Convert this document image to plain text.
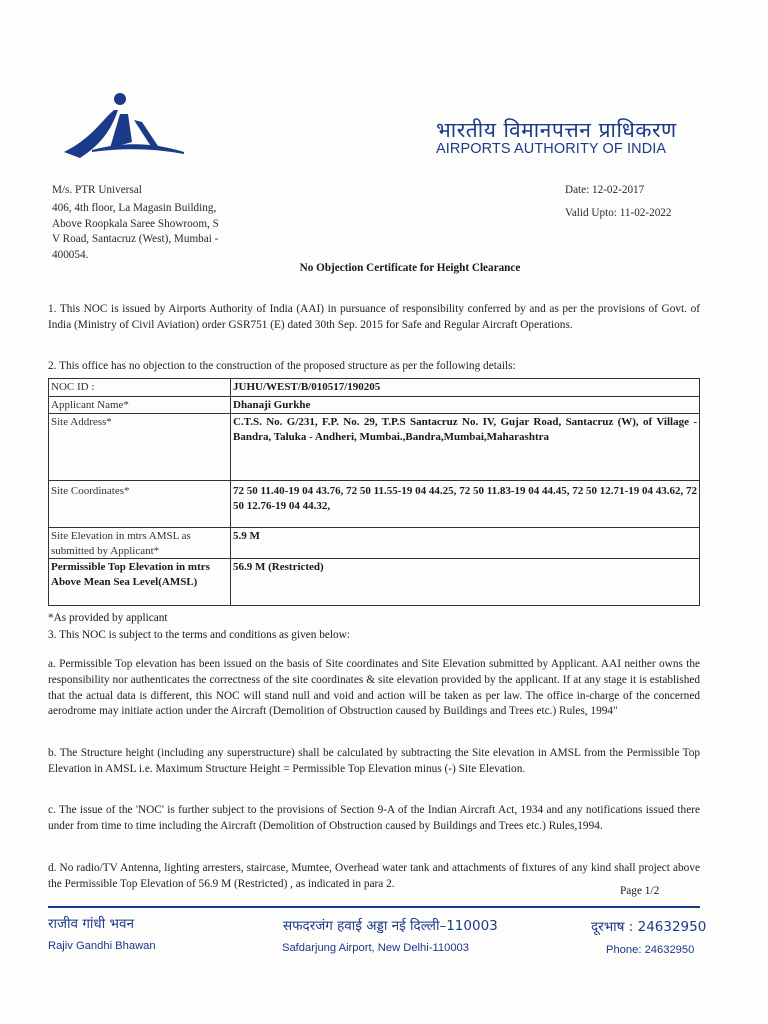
भारतीय विमानपत्तन प्राधिकरण
AIRPORTS AUTHORITY OF INDIA
M/s. PTR Universal
406, 4th floor, La Magasin Building,
Above Roopkala Saree Showroom, S
V Road, Santacruz (West), Mumbai -
400054.
Date: 12-02-2017
Valid Upto: 11-02-2022
No Objection Certificate for Height Clearance
1. This NOC is issued by Airports Authority of India (AAI) in pursuance of responsibility conferred by and as per the provisions of Govt. of India (Ministry of Civil Aviation) order GSR751 (E) dated 30th Sep. 2015 for Safe and Regular Aircraft Operations.
2. This office has no objection to the construction of the proposed structure as per the following details:
NOC ID :	JUHU/WEST/B/010517/190205
Applicant Name*	Dhanaji Gurkhe
Site Address*	C.T.S. No. G/231, F.P. No. 29, T.P.S Santacruz No. IV, Gujar Road, Santacruz (W), of Village - Bandra, Taluka - Andheri, Mumbai.,Bandra,Mumbai,Maharashtra
Site Coordinates*	72 50 11.40-19 04 43.76, 72 50 11.55-19 04 44.25, 72 50 11.83-19 04 44.45, 72 50 12.71-19 04 43.62, 72 50 12.76-19 04 44.32,
Site Elevation in mtrs AMSL as submitted by Applicant*	5.9 M
Permissible Top Elevation in mtrs Above Mean Sea Level(AMSL)	56.9 M (Restricted)
*As provided by applicant
3. This NOC is subject to the terms and conditions as given below:
a. Permissible Top elevation has been issued on the basis of Site coordinates and Site Elevation submitted by Applicant. AAI neither owns the responsibility nor authenticates the correctness of the site coordinates & site elevation provided by the applicant. If at any stage it is established that the actual data is different, this NOC will stand null and void and action will be taken as per law. The office in-charge of the concerned aerodrome may initiate action under the Aircraft (Demolition of Obstruction caused by Buildings and Trees etc.) Rules, 1994"
b. The Structure height (including any superstructure) shall be calculated by subtracting the Site elevation in AMSL from the Permissible Top Elevation in AMSL i.e. Maximum Structure Height = Permissible Top Elevation minus (-) Site Elevation.
c. The issue of the 'NOC' is further subject to the provisions of Section 9-A of the Indian Aircraft Act, 1934 and any notifications issued there under from time to time including the Aircraft (Demolition of Obstruction caused by Buildings and Trees etc.) Rules,1994.
d. No radio/TV Antenna, lighting arresters, staircase, Mumtee, Overhead water tank and attachments of fixtures of any kind shall project above the Permissible Top Elevation of 56.9 M (Restricted) , as indicated in para 2.
Page 1/2
राजीव गांधी भवन
Rajiv Gandhi Bhawan
सफदरजंग हवाई अड्डा नई दिल्ली–110003
Safdarjung Airport, New Delhi-110003
दूरभाष : 24632950
Phone: 24632950
